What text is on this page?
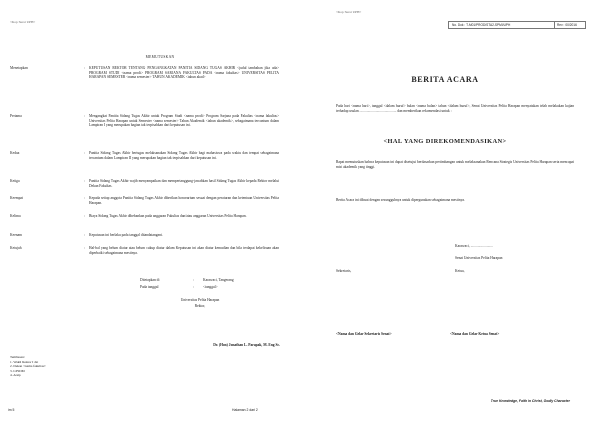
<Kop Surat UPH>
MEMUTUSKAN
Menetapkan	:	KEPUTUSAN REKTOR TENTANG PENGANGKATAN PANITIA SIDANG TUGAS AKHIR <judul tambahan jika ada> PROGRAM STUDI <nama prodi> PROGRAM SARJANA FAKULTAS PADA <nama fakultas> UNIVERSITAS PELITA HARAPAN SEMESTER <nama semester> TAHUN AKADEMIK <tahun akad>
Pertama	:	Mengangkat Panitia Sidang Tugas Akhir untuk Program Studi <nama prodi> Program Sarjana pada Fakultas <nama fakultas> Universitas Pelita Harapan untuk Semester <nama semester> Tahun Akademik <tahun akademik>, sebagaimana tercantum dalam Lampiran I yang merupakan bagian tak terpisahkan dari keputusan ini.
Kedua	:	Panitia Sidang Tugas Akhir bertugas melaksanakan Sidang Tugas Akhir bagi mahasiswa pada waktu dan tempat sebagaimana tercantum dalam Lampiran II yang merupakan bagian tak terpisahkan dari keputusan ini.
Ketiga	:	Panitia Sidang Tugas Akhir wajib menyampaikan dan mempertanggung-jawabkan hasil Sidang Tugas Akhir kepada Rektor melalui Dekan Fakultas.
Keempat	:	Kepada setiap anggota Panitia Sidang Tugas Akhir diberikan honorarium sesuai dengan peraturan dan ketentuan Universitas Pelita Harapan.
Kelima	:	Biaya Sidang Tugas Akhir dibebankan pada anggaran Fakultas dan/atau anggaran Universitas Pelita Harapan.
Keenam	:	Keputusan ini berlaku pada tanggal ditandatangani.
Ketujuh	:	Hal-hal yang belum diatur atau belum cukup diatur dalam Keputusan ini akan diatur kemudian dan bila terdapat kekeliruan akan diperbaiki sebagaimana mestinya.
Ditetapkan di	:	Karawaci, Tangerang
Pada tanggal	:	<tanggal>
Universitas Pelita Harapan
Rektor,
Dr. (Hon) Jonathan L. Parapak, M. Eng Sc.
Tembusan:
1. Wakil Rektor I dst
2. Dekan <nama fakultas>
3. LPSDM
4. Arsip
im 5	Halaman 2 dari 2
<Kop Surat UPH>
No. Dok : T-M01/PROD/STA2-SPMI/UPH	Rev : 00/2016
BERITA ACARA
Pada hari <nama hari>, tanggal <dalam huruf> bulan <nama bulan> tahun <dalam huruf>, Senat Universitas Pelita Harapan menyatakan telah melakukan kajian terhadap usulan ......................................... dan memberikan rekomendasi untuk :
<HAL YANG DIREKOMENDASIKAN>
Rapat memutuskan bahwa keputusan ini dapat disetujui berdasarkan pertimbangan untuk melaksanakan Rencana Strategis Universitas Pelita Harapan serta mencapai misi akademik yang tinggi.
Berita Acara ini dibuat dengan sesungguhnya untuk dipergunakan sebagaimana mestinya.
Karawaci, .........................
Senat Universitas Pelita Harapan
Sekretaris,	Ketua,
<Nama dan Gelar Sekretaris Senat>	<Nama dan Gelar Ketua Senat>
True Knowledge, Faith in Christ, Godly Character
